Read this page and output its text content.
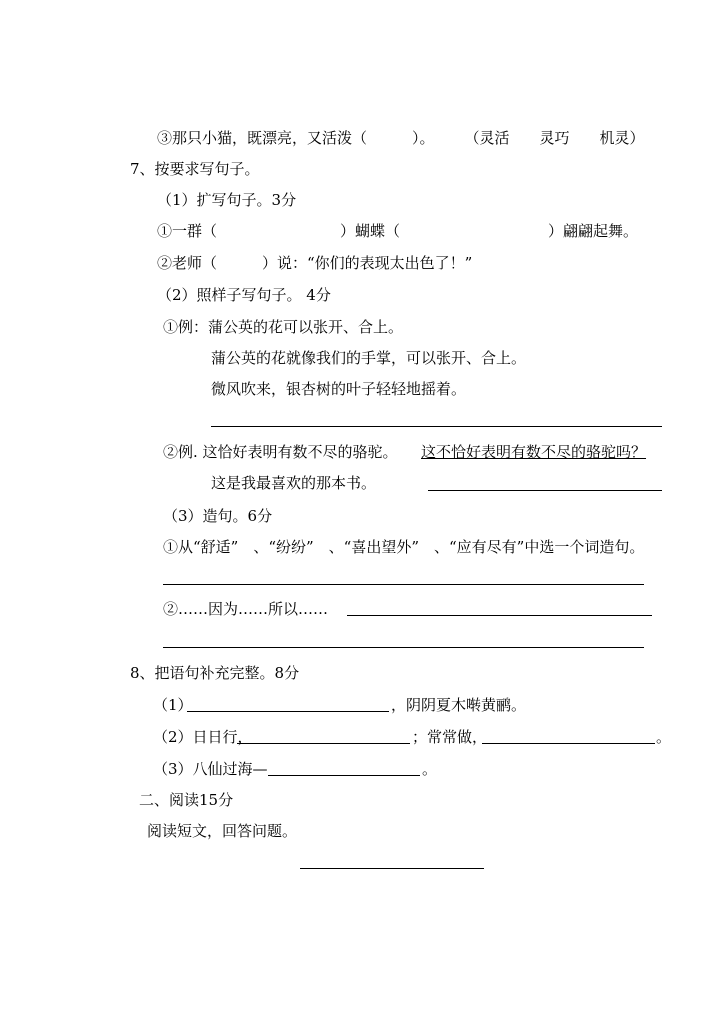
③那只小猫，既漂亮，又活泼（　　　）。　　　（灵活　　灵巧　　机灵）
7、按要求写句子。
（1）扩写句子。3分
①一群（	）蝴蝶（	）翩翩起舞。
②老师（　　　）说：“你们的表现太出色了！”
（2）照样子写句子。 4分
①例：蒲公英的花可以张开、合上。
蒲公英的花就像我们的手掌，可以张开、合上。
微风吹来，银杏树的叶子轻轻地摇着。
②例. 这恰好表明有数不尽的骆驼。 这不恰好表明有数不尽的骆驼吗？
这是我最喜欢的那本书。
（3）造句。6分
①从“舒适”　、“纷纷”　、“喜出望外”　、“应有尽有”中选一个词造句。
②……因为……所以……
8、把语句补充完整。8分
（1）	，阴阴夏木啭黄鹂。
（2）日日行，	；常常做，	。
（3）八仙过海—	。
二、阅读15分
阅读短文，回答问题。
